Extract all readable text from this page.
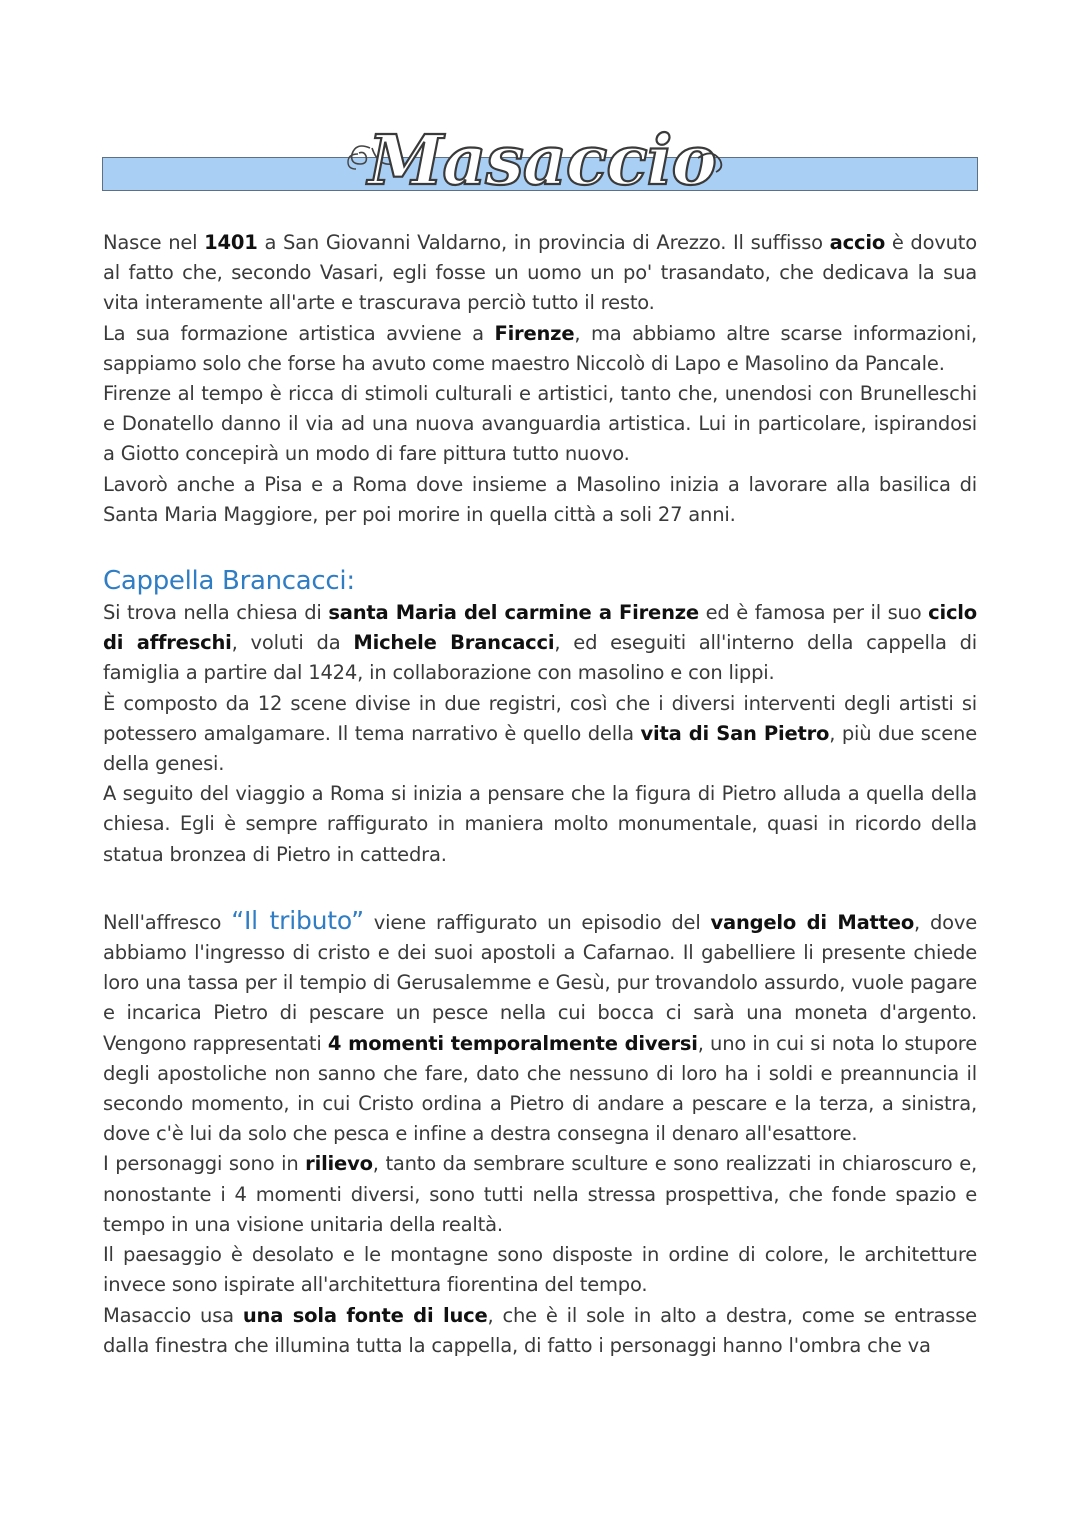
Masaccio

Nasce nel 1401 a San Giovanni Valdarno, in provincia di Arezzo. Il suffisso accio è dovuto al fatto che, secondo Vasari, egli fosse un uomo un po' trasandato, che dedicava la sua vita interamente all'arte e trascurava perciò tutto il resto.

La sua formazione artistica avviene a Firenze, ma abbiamo altre scarse informazioni, sappiamo solo che forse ha avuto come maestro Niccolò di Lapo e Masolino da Pancale.

Firenze al tempo è ricca di stimoli culturali e artistici, tanto che, unendosi con Brunelleschi e Donatello danno il via ad una nuova avanguardia artistica. Lui in particolare, ispirandosi a Giotto concepirà un modo di fare pittura tutto nuovo.

Lavorò anche a Pisa e a Roma dove insieme a Masolino inizia a lavorare alla basilica di Santa Maria Maggiore, per poi morire in quella città a soli 27 anni.

Cappella Brancacci:

Si trova nella chiesa di santa Maria del carmine a Firenze ed è famosa per il suo ciclo di affreschi, voluti da Michele Brancacci, ed eseguiti all'interno della cappella di famiglia a partire dal 1424, in collaborazione con masolino e con lippi.

È composto da 12 scene divise in due registri, così che i diversi interventi degli artisti si potessero amalgamare. Il tema narrativo è quello della vita di San Pietro, più due scene della genesi.

A seguito del viaggio a Roma si inizia a pensare che la figura di Pietro alluda a quella della chiesa. Egli è sempre raffigurato in maniera molto monumentale, quasi in ricordo della statua bronzea di Pietro in cattedra.

Nell'affresco “Il tributo” viene raffigurato un episodio del vangelo di Matteo, dove abbiamo l'ingresso di cristo e dei suoi apostoli a Cafarnao. Il gabelliere li presente chiede loro una tassa per il tempio di Gerusalemme e Gesù, pur trovandolo assurdo, vuole pagare e incarica Pietro di pescare un pesce nella cui bocca ci sarà una moneta d'argento. Vengono rappresentati 4 momenti temporalmente diversi, uno in cui si nota lo stupore degli apostoliche non sanno che fare, dato che nessuno di loro ha i soldi e preannuncia il secondo momento, in cui Cristo ordina a Pietro di andare a pescare e la terza, a sinistra, dove c'è lui da solo che pesca e infine a destra consegna il denaro all'esattore.

I personaggi sono in rilievo, tanto da sembrare sculture e sono realizzati in chiaroscuro e, nonostante i 4 momenti diversi, sono tutti nella stressa prospettiva, che fonde spazio e tempo in una visione unitaria della realtà.

Il paesaggio è desolato e le montagne sono disposte in ordine di colore, le architetture invece sono ispirate all'architettura fiorentina del tempo.

Masaccio usa una sola fonte di luce, che è il sole in alto a destra, come se entrasse dalla finestra che illumina tutta la cappella, di fatto i personaggi hanno l'ombra che va
